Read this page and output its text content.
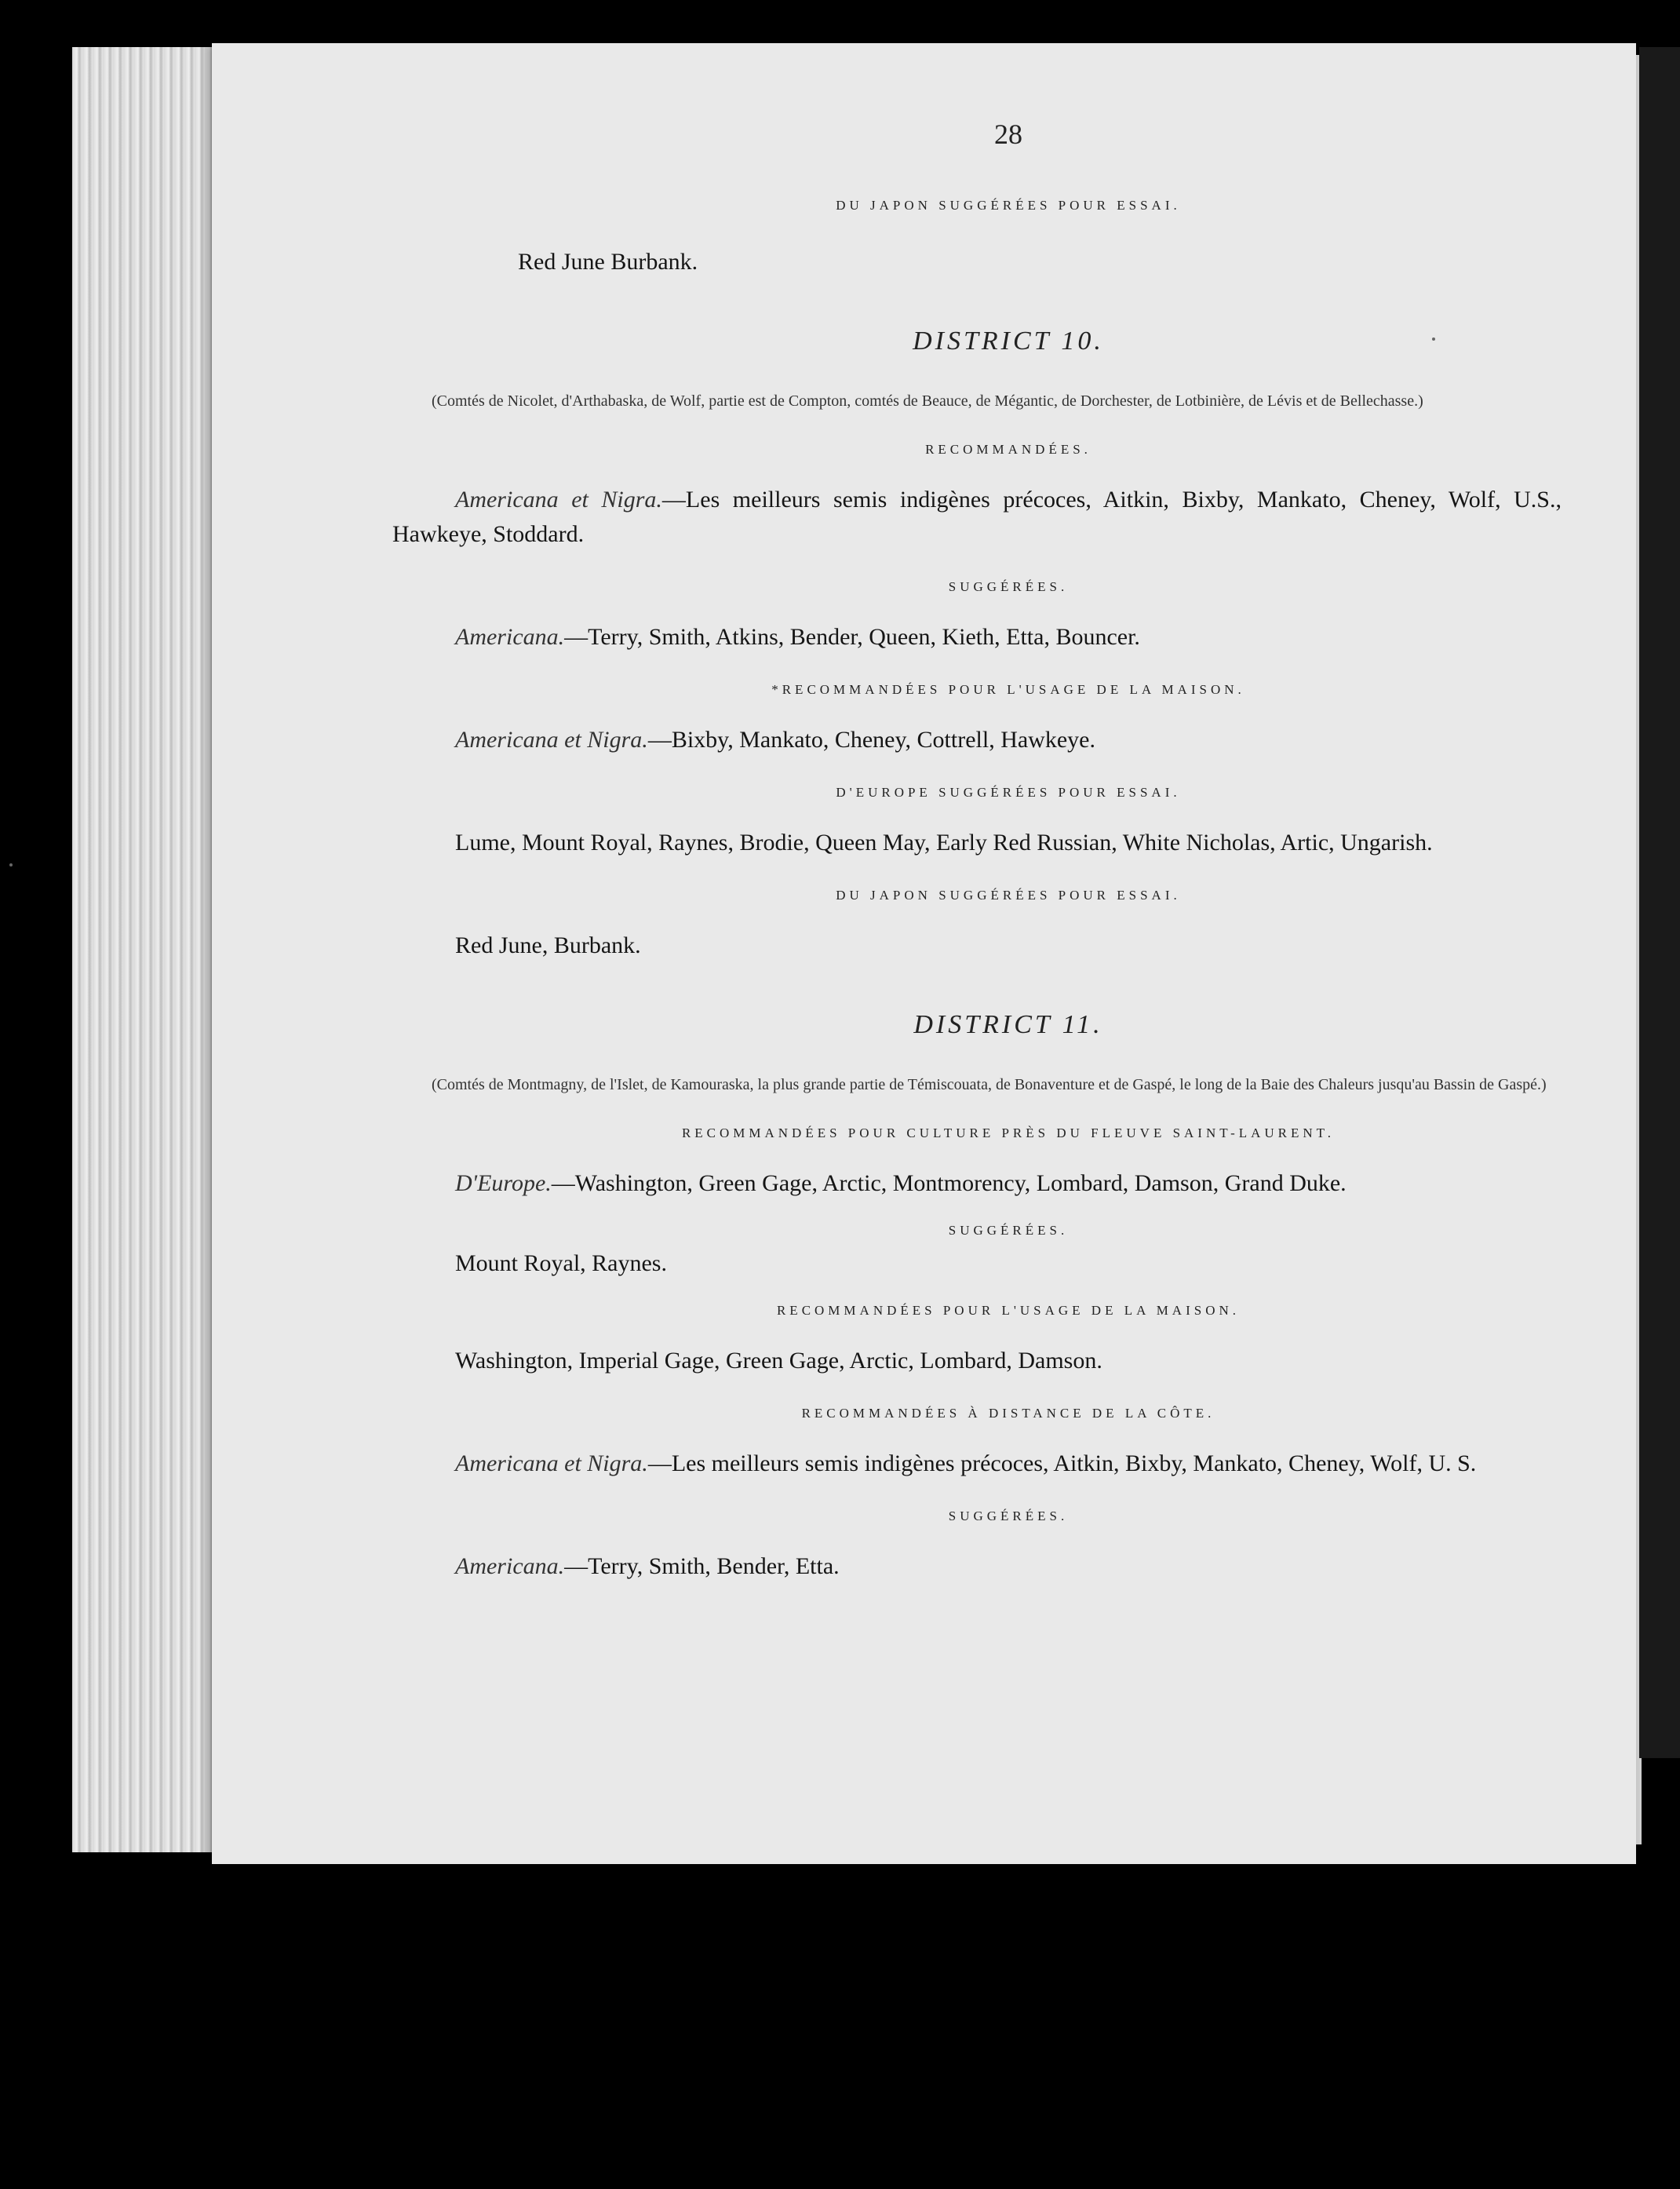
28
DU JAPON SUGGÉRÉES POUR ESSAI.

Red June Burbank.

DISTRICT 10.

(Comtés de Nicolet, d'Arthabaska, de Wolf, partie est de Compton, comtés de Beauce, de Mégantic, de Dorchester, de Lotbinière, de Lévis et de Bellechasse.)

RECOMMANDÉES.

Americana et Nigra.—Les meilleurs semis indigènes précoces, Aitkin, Bixby, Mankato, Cheney, Wolf, U.S., Hawkeye, Stoddard.

SUGGÉRÉES.

Americana.—Terry, Smith, Atkins, Bender, Queen, Kieth, Etta, Bouncer.

*RECOMMANDÉES POUR L'USAGE DE LA MAISON.

Americana et Nigra.—Bixby, Mankato, Cheney, Cottrell, Hawkeye.

D'EUROPE SUGGÉRÉES POUR ESSAI.

Lume, Mount Royal, Raynes, Brodie, Queen May, Early Red Russian, White Nicholas, Artic, Ungarish.

DU JAPON SUGGÉRÉES POUR ESSAI.

Red June, Burbank.

DISTRICT 11.

(Comtés de Montmagny, de l'Islet, de Kamouraska, la plus grande partie de Témiscouata, de Bonaventure et de Gaspé, le long de la Baie des Chaleurs jusqu'au Bassin de Gaspé.)

RECOMMANDÉES POUR CULTURE PRÈS DU FLEUVE SAINT-LAURENT.

D'Europe.—Washington, Green Gage, Arctic, Montmorency, Lombard, Damson, Grand Duke.

SUGGÉRÉES.

Mount Royal, Raynes.

RECOMMANDÉES POUR L'USAGE DE LA MAISON.

Washington, Imperial Gage, Green Gage, Arctic, Lombard, Damson.

RECOMMANDÉES À DISTANCE DE LA CÔTE.

Americana et Nigra.—Les meilleurs semis indigènes précoces, Aitkin, Bixby, Mankato, Cheney, Wolf, U. S.

SUGGÉRÉES.

Americana.—Terry, Smith, Bender, Etta.
